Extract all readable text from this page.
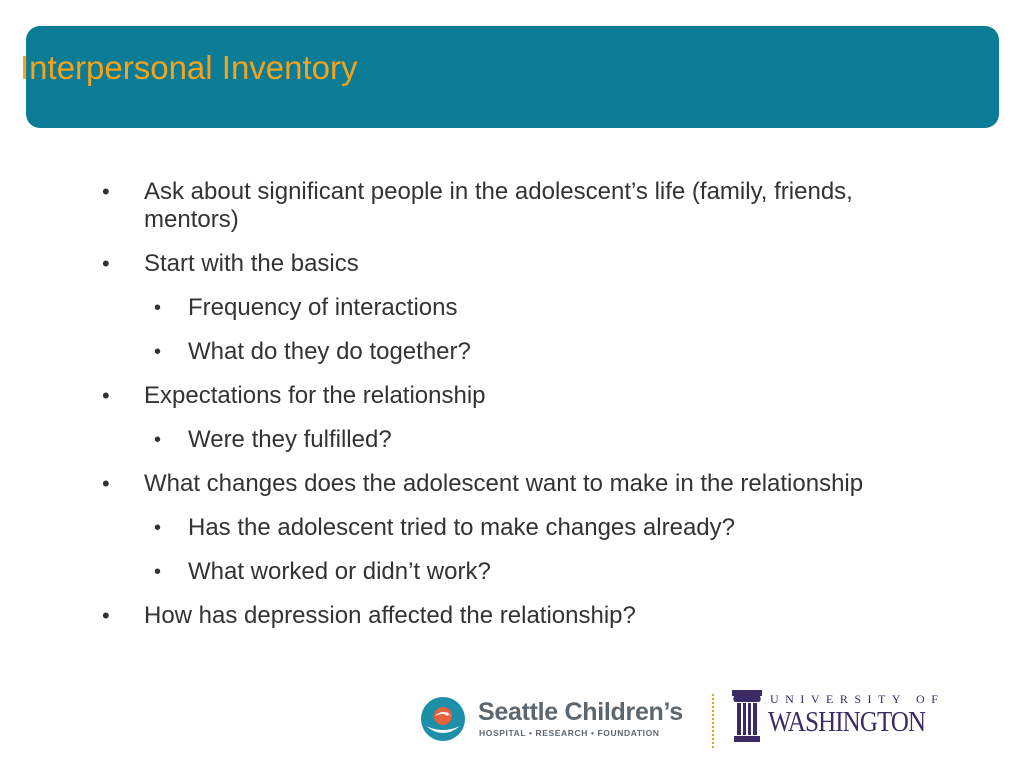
Interpersonal Inventory
•	Ask about significant people in the adolescent’s life (family, friends, mentors)
•	Start with the basics
•	Frequency of interactions
•	What do they do together?
•	Expectations for the relationship
•	Were they fulfilled?
•	What changes does the adolescent want to make in the relationship
•	Has the adolescent tried to make changes already?
•	What worked or didn’t work?
•	How has depression affected the relationship?
Seattle Children’s
HOSPITAL • RESEARCH • FOUNDATION
UNIVERSITY OF
WASHINGTON
